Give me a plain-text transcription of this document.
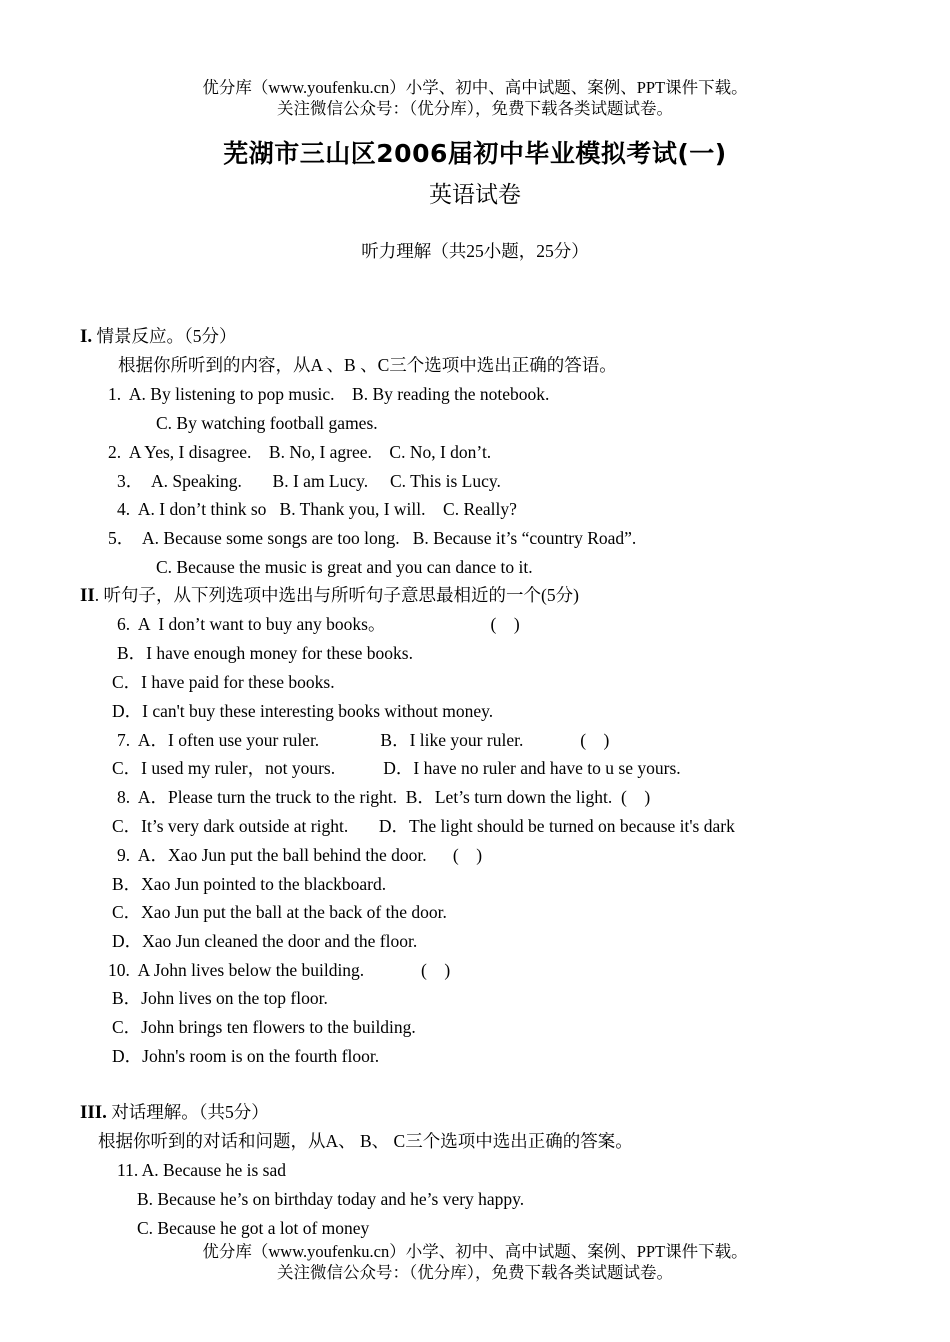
优分库（www.youfenku.cn）小学、初中、高中试题、案例、PPT课件下载。
关注微信公众号：（优分库），免费下载各类试题试卷。
芜湖市三山区2006届初中毕业模拟考试(一)
英语试卷
听力理解（共25小题，25分）
I. 情景反应。（5分）
根据你所听到的内容，从A 、B 、C三个选项中选出正确的答语。
1.  A. By listening to pop music.    B. By reading the notebook.
C. By watching football games.
2.  A Yes, I disagree.    B. No, I agree.    C. No, I don’t.
3．  A. Speaking.       B. I am Lucy.     C. This is Lucy.
4.  A. I don’t think so   B. Thank you, I will.    C. Really?
5．  A. Because some songs are too long.   B. Because it’s “country Road”.
C. Because the music is great and you can dance to it.
II. 听句子，从下列选项中选出与所听句子意思最相近的一个(5分)
6.  A  I don’t want to buy any books。                        (    )
B．I have enough money for these books.
C．I have paid for these books.
D．I can't buy these interesting books without money.
7.  A．I often use your ruler.              B．I like your ruler.             (    )
C．I used my ruler，not yours.           D．I have no ruler and have to u se yours.
8.  A．Please turn the truck to the right.  B．Let’s turn down the light.  (    )
C．It’s very dark outside at right.       D．The light should be turned on because it's dark
9.  A．Xao Jun put the ball behind the door.      (    )
B．Xao Jun pointed to the blackboard.
C．Xao Jun put the ball at the back of the door.
D．Xao Jun cleaned the door and the floor.
10.  A John lives below the building.             (    )
B．John lives on the top floor.
C．John brings ten flowers to the building.
D．John's room is on the fourth floor.
III. 对话理解。（共5分）
根据你听到的对话和问题，从A、 B、 C三个选项中选出正确的答案。
11. A. Because he is sad
B. Because he’s on birthday today and he’s very happy.
C. Because he got a lot of money
优分库（www.youfenku.cn）小学、初中、高中试题、案例、PPT课件下载。
关注微信公众号：（优分库），免费下载各类试题试卷。
